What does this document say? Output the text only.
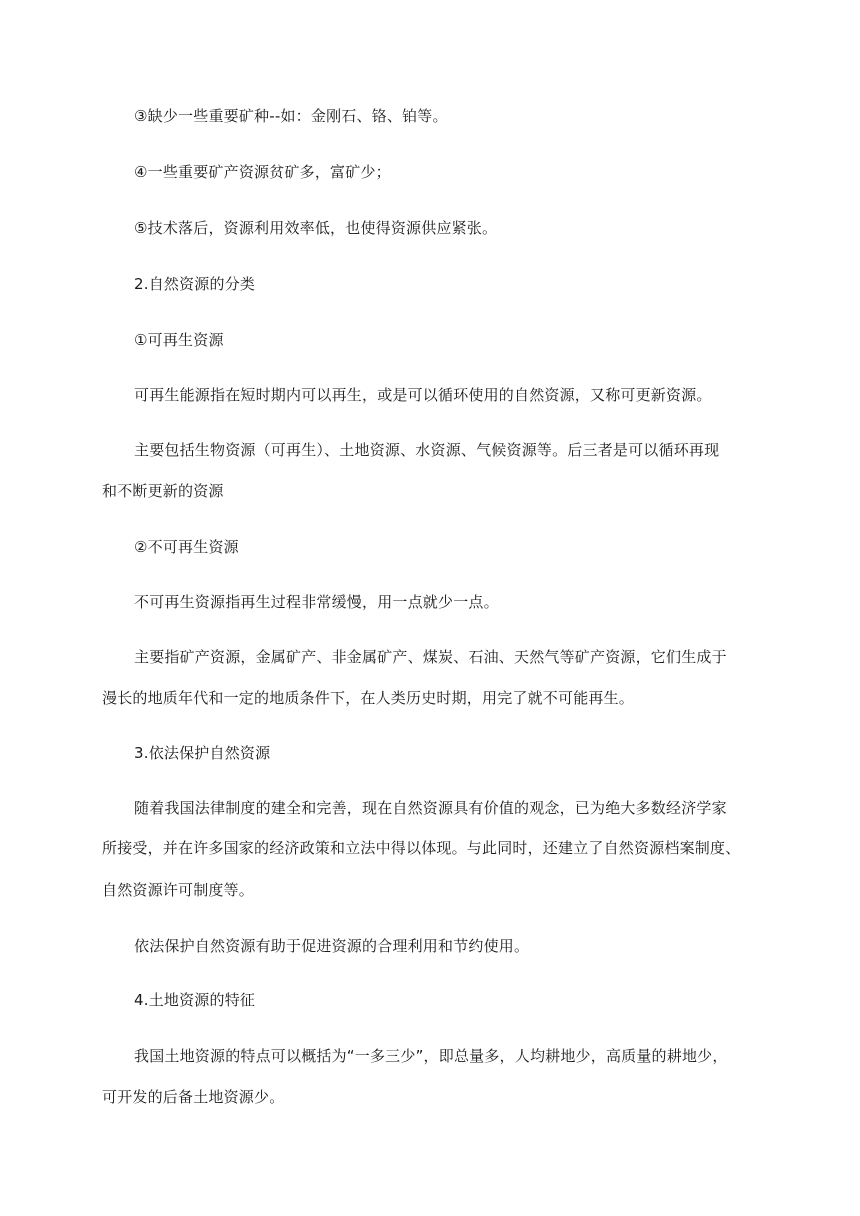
③缺少一些重要矿种--如：金刚石、铬、铂等。
④一些重要矿产资源贫矿多，富矿少；
⑤技术落后，资源利用效率低，也使得资源供应紧张。
2.自然资源的分类
①可再生资源
可再生能源指在短时期内可以再生，或是可以循环使用的自然资源，又称可更新资源。
主要包括生物资源（可再生）、土地资源、水资源、气候资源等。后三者是可以循环再现
和不断更新的资源
②不可再生资源
不可再生资源指再生过程非常缓慢，用一点就少一点。
主要指矿产资源，金属矿产、非金属矿产、煤炭、石油、天然气等矿产资源，它们生成于
漫长的地质年代和一定的地质条件下，在人类历史时期，用完了就不可能再生。
3.依法保护自然资源
随着我国法律制度的建全和完善，现在自然资源具有价值的观念，已为绝大多数经济学家
所接受，并在许多国家的经济政策和立法中得以体现。与此同时，还建立了自然资源档案制度、
自然资源许可制度等。
依法保护自然资源有助于促进资源的合理利用和节约使用。
4.土地资源的特征
我国土地资源的特点可以概括为“一多三少”，即总量多，人均耕地少，高质量的耕地少，
可开发的后备土地资源少。
